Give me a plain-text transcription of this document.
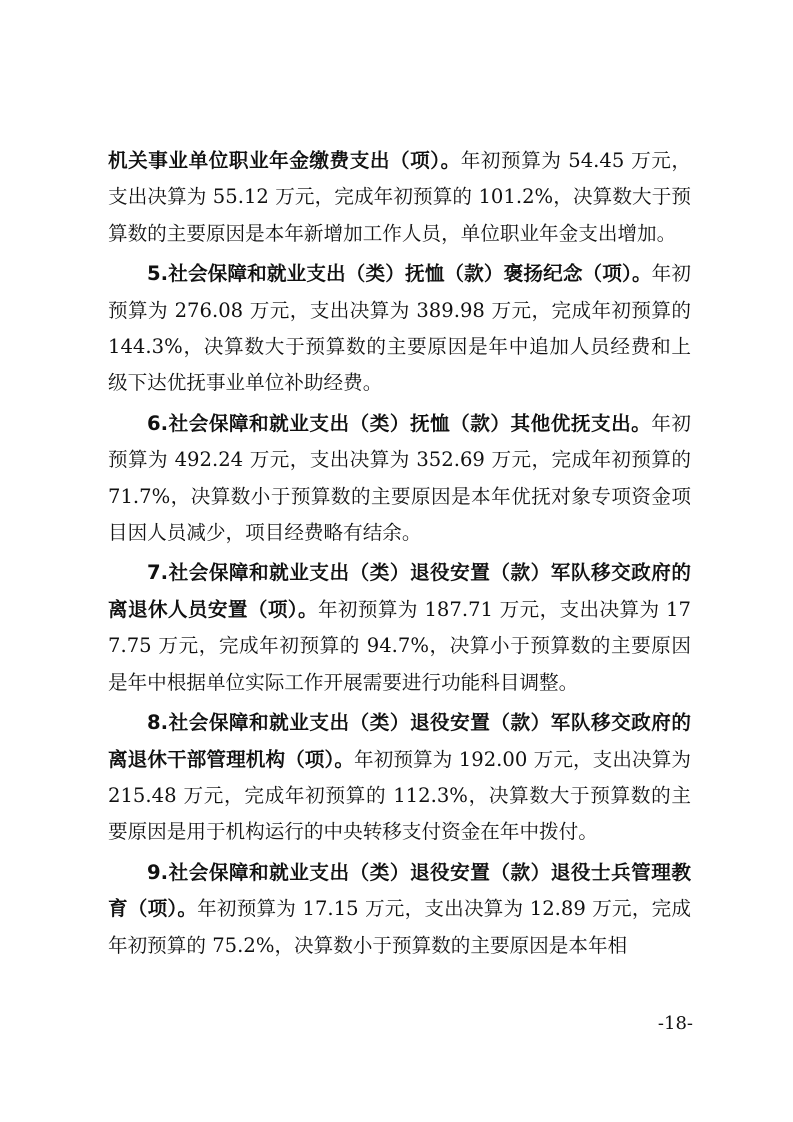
机关事业单位职业年金缴费支出（项）。年初预算为 54.45 万元，支出决算为 55.12 万元，完成年初预算的 101.2%，决算数大于预算数的主要原因是本年新增加工作人员，单位职业年金支出增加。

5.社会保障和就业支出（类）抚恤（款）褒扬纪念（项）。年初预算为 276.08 万元，支出决算为 389.98 万元，完成年初预算的 144.3%，决算数大于预算数的主要原因是年中追加人员经费和上级下达优抚事业单位补助经费。

6.社会保障和就业支出（类）抚恤（款）其他优抚支出。年初预算为 492.24 万元，支出决算为 352.69 万元，完成年初预算的 71.7%，决算数小于预算数的主要原因是本年优抚对象专项资金项目因人员减少，项目经费略有结余。

7.社会保障和就业支出（类）退役安置（款）军队移交政府的离退休人员安置（项）。年初预算为 187.71 万元，支出决算为 177.75 万元，完成年初预算的 94.7%，决算小于预算数的主要原因是年中根据单位实际工作开展需要进行功能科目调整。

8.社会保障和就业支出（类）退役安置（款）军队移交政府的离退休干部管理机构（项）。年初预算为 192.00 万元，支出决算为 215.48 万元，完成年初预算的 112.3%，决算数大于预算数的主要原因是用于机构运行的中央转移支付资金在年中拨付。

9.社会保障和就业支出（类）退役安置（款）退役士兵管理教育（项）。年初预算为 17.15 万元，支出决算为 12.89 万元，完成年初预算的 75.2%，决算数小于预算数的主要原因是本年相

-18-
